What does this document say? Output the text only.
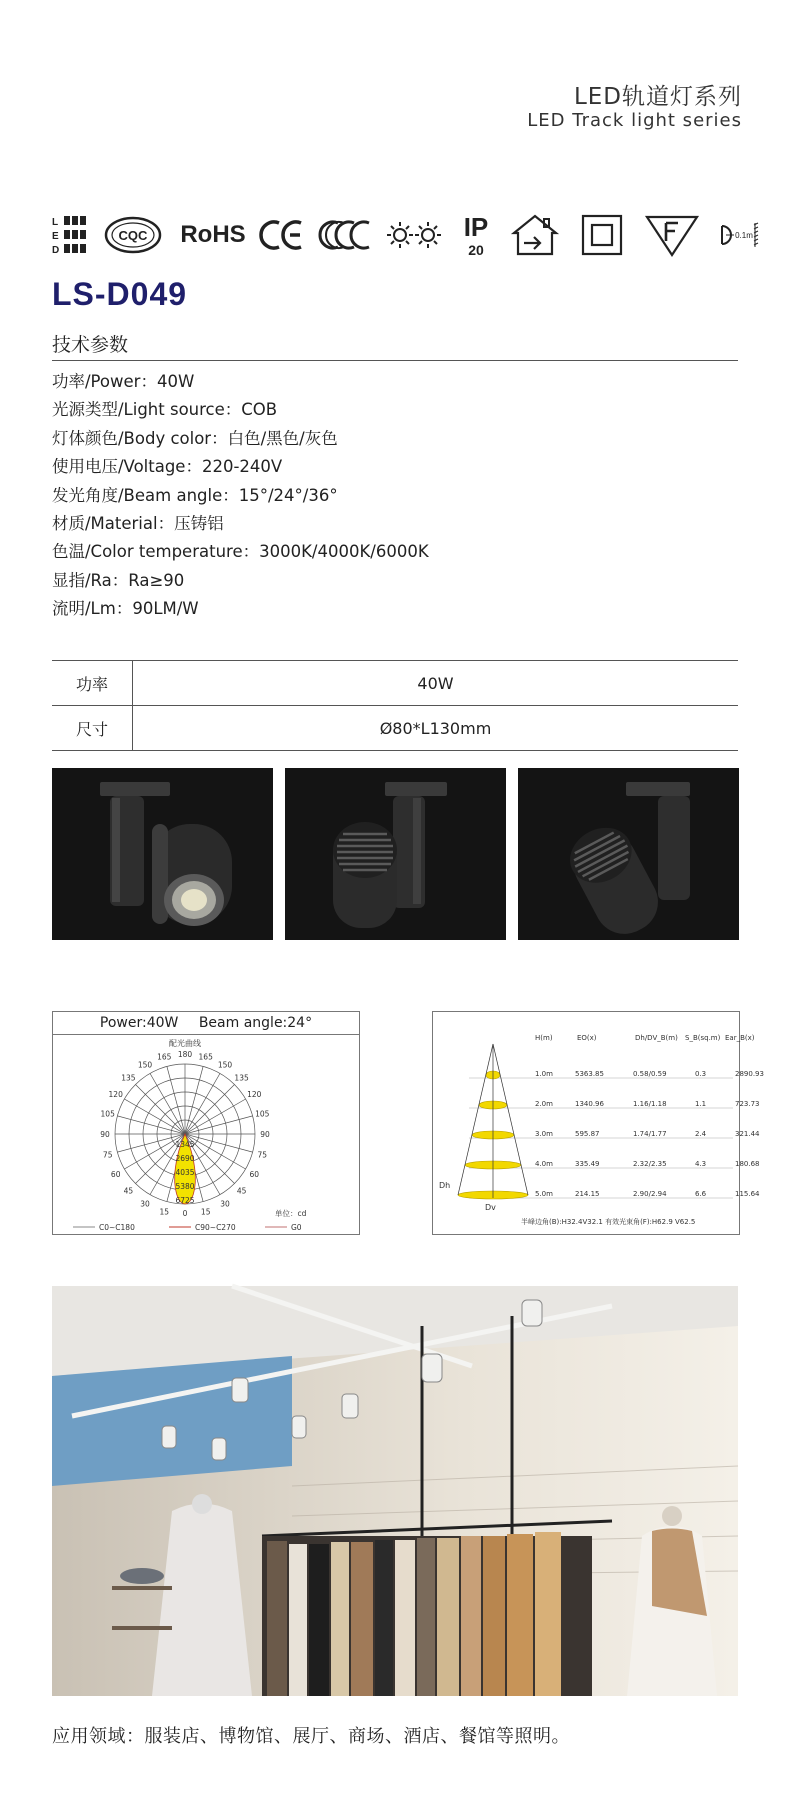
LED轨道灯系列
LED Track light series
L
E
D
CQC RoHS	IP
20
0.1m
LS-D049
技术参数
功率/Power：40W
光源类型/Light source：COB
灯体颜色/Body color：白色/黑色/灰色
使用电压/Voltage：220-240V
发光角度/Beam angle：15°/24°/36°
材质/Material：压铸铝
色温/Color temperature：3000K/4000K/6000K
显指/Ra：Ra≥90
流明/Lm：90LM/W
功率	40W
尺寸	Ø80*L130mm
Power:40W Beam angle:24°
配光曲线
180
165
150
135
120
105
90
75
60
45
30
15
165
150
135
120
105
90
75
60
45
30
15
0
1345
2690
4035
5380
6725
单位：cd
C0~C180	C90~C270	G0
H(m)	EO(x)	Dh/DV_B(m) S_B(sq.m) Ear_B(x)
1.0m	5363.85	0.58/0.59	0.3	2890.93
2.0m	1340.96	1.16/1.18	1.1	723.73
3.0m	595.87	1.74/1.77	2.4	321.44
4.0m	335.49	2.32/2.35	4.3	180.68
5.0m	214.15	2.90/2.94	6.6	115.64
Dh
Dv
半峰边角(B):H32.4V32.1 有效光束角(F):H62.9 V62.5
应用领域：服装店、博物馆、展厅、商场、酒店、餐馆等照明。
